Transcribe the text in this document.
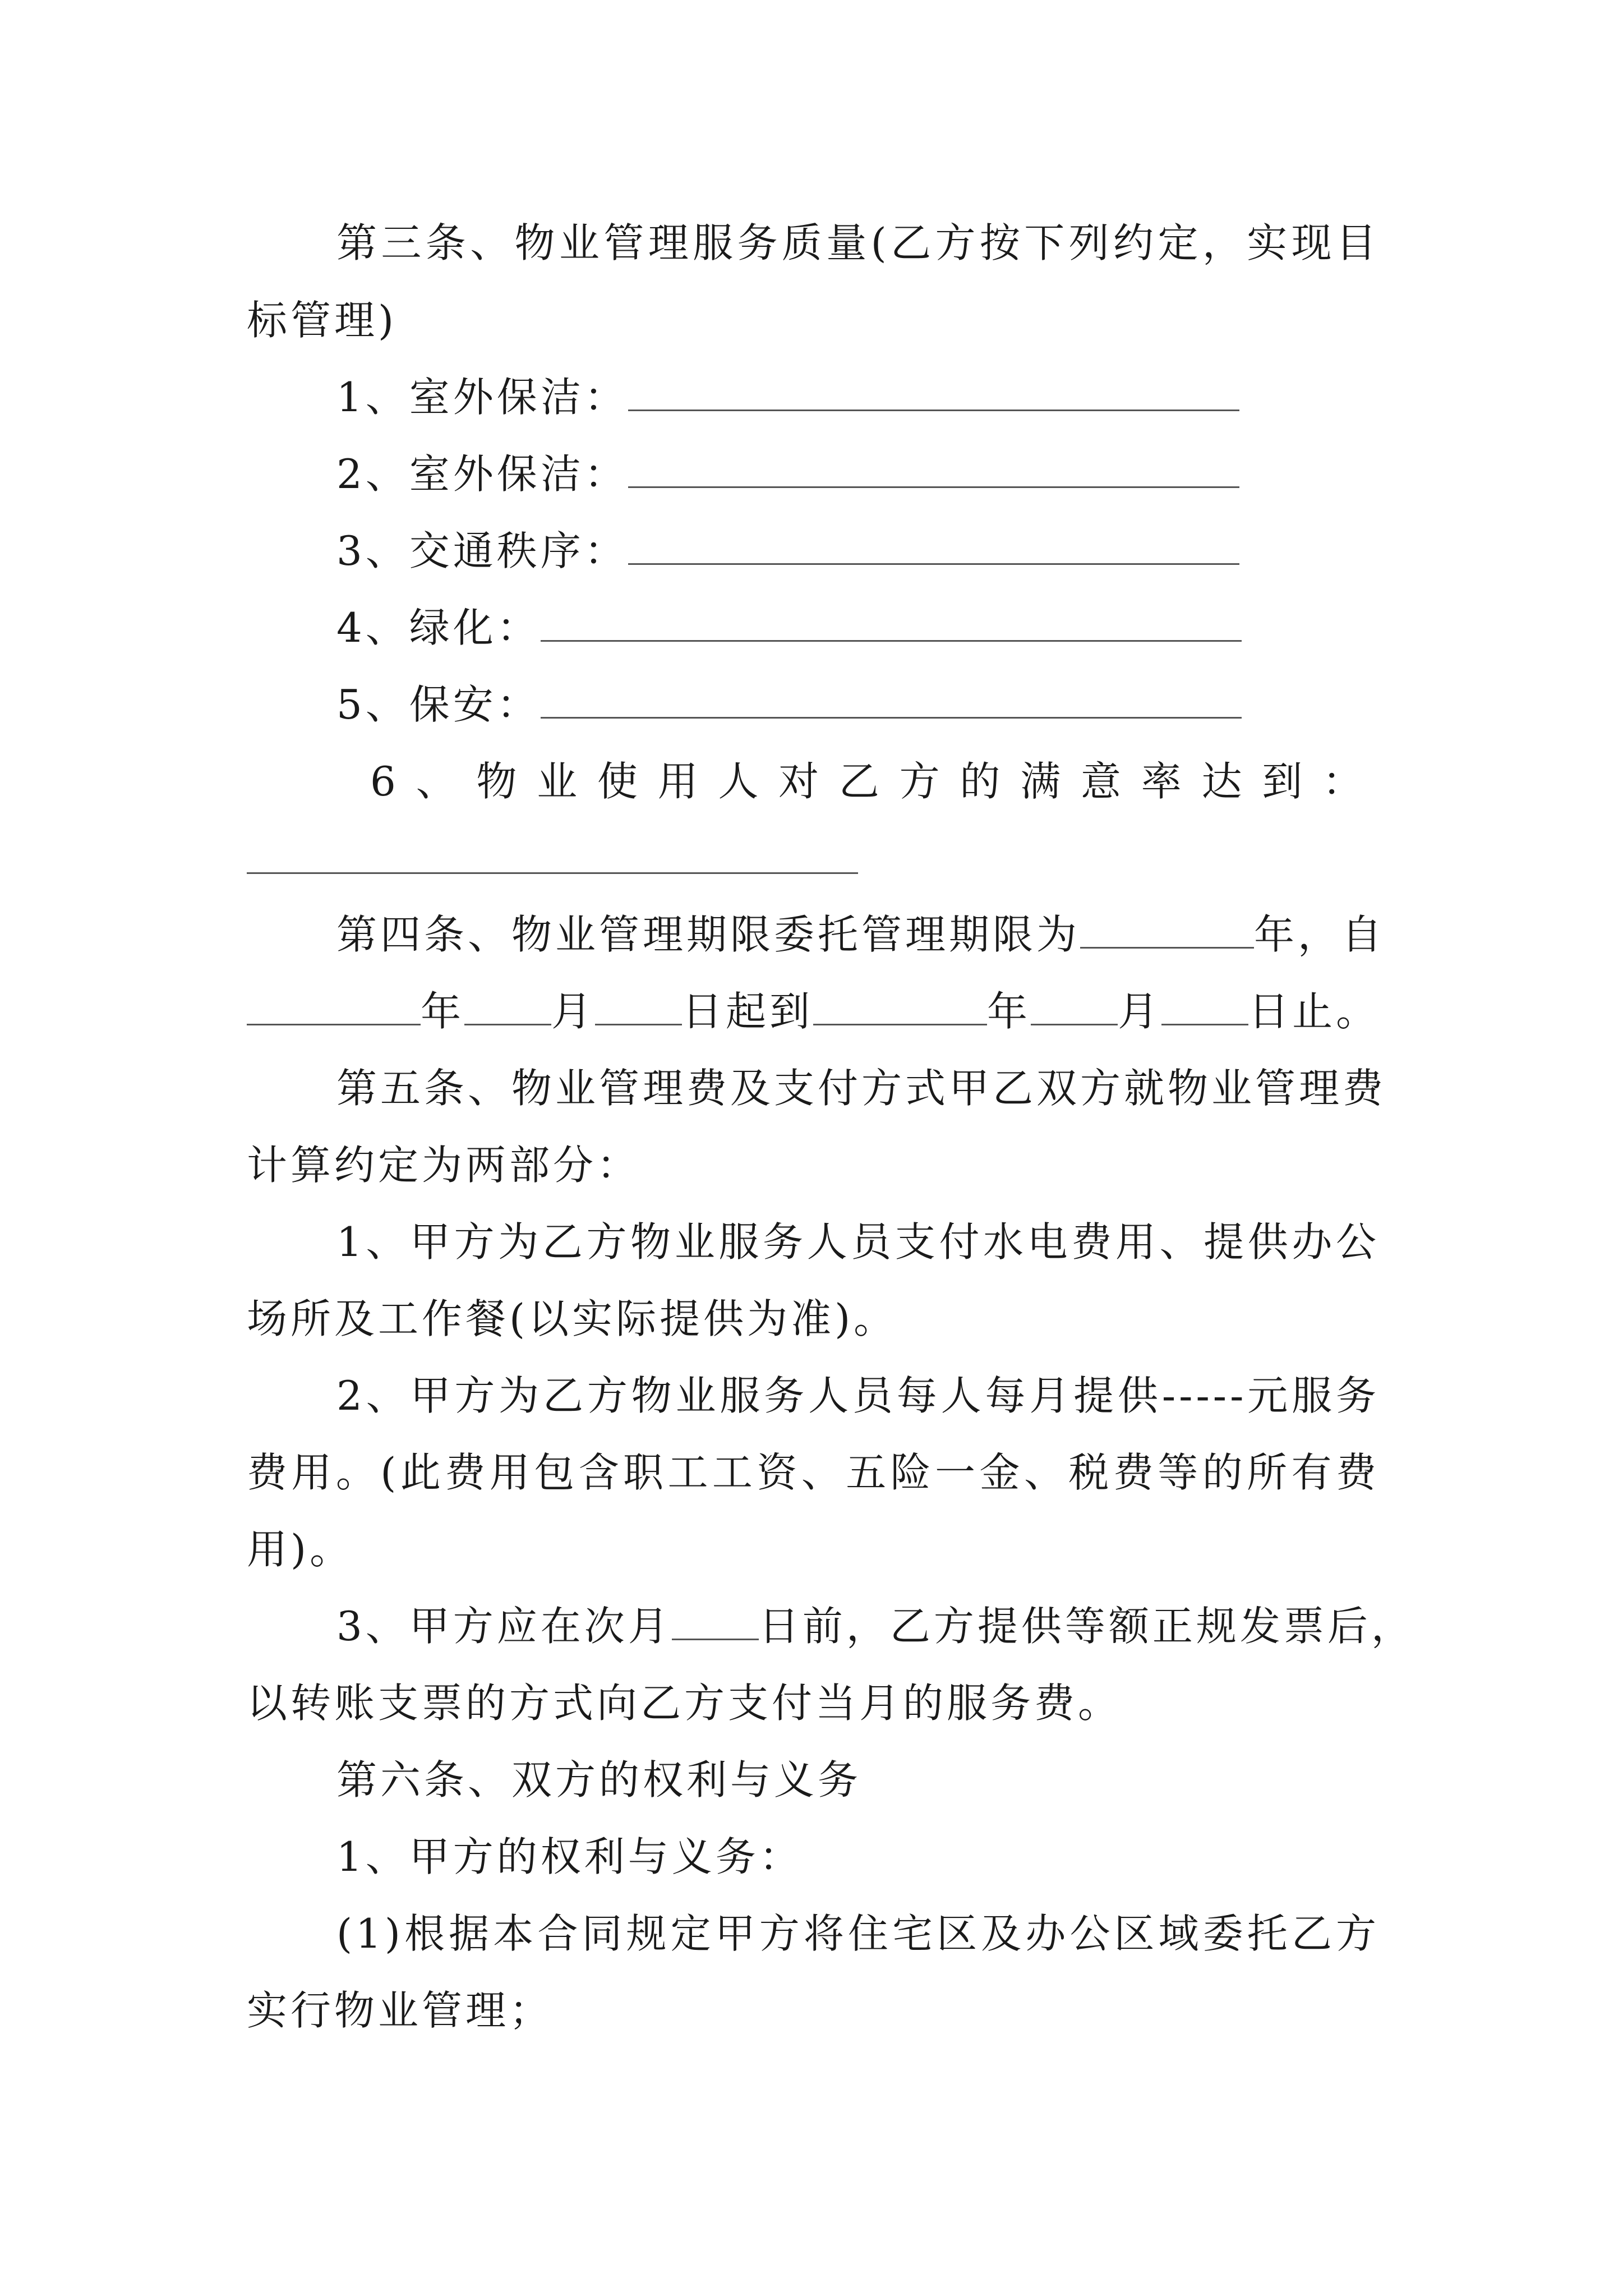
第三条、物业管理服务质量(乙方按下列约定，实现目
标管理)
1、室外保洁：
2、室外保洁：
3、交通秩序：
4、绿化：
5、保安：
6、物业使用人对乙方的满意率达到：
第四条、物业管理期限委托管理期限为	年，自
年 月 日起到	年 月 日止。
第五条、物业管理费及支付方式甲乙双方就物业管理费
计算约定为两部分：
1、甲方为乙方物业服务人员支付水电费用、提供办公
场所及工作餐(以实际提供为准)。
2、甲方为乙方物业服务人员每人每月提供-----元服务
费用。(此费用包含职工工资、五险一金、税费等的所有费
用)。
3、甲方应在次月 日前，乙方提供等额正规发票后，
以转账支票的方式向乙方支付当月的服务费。
第六条、双方的权利与义务
1、甲方的权利与义务：
(1)根据本合同规定甲方将住宅区及办公区域委托乙方
实行物业管理；
